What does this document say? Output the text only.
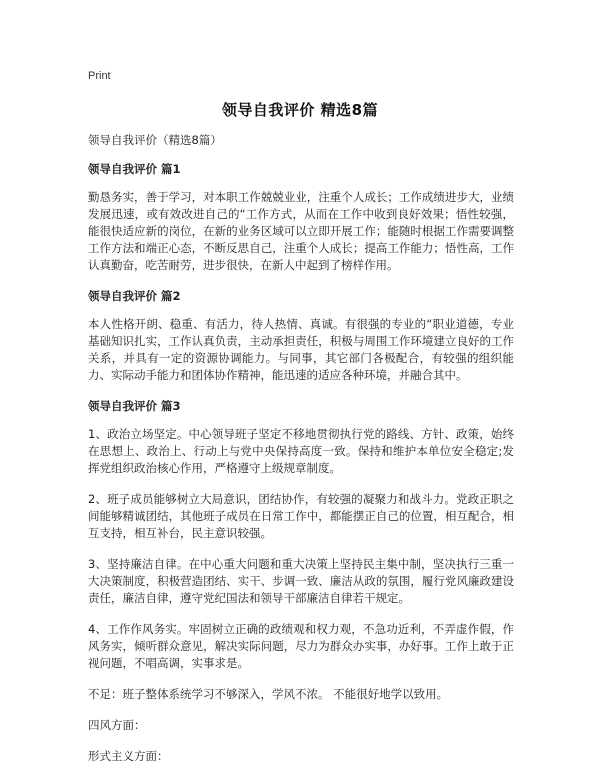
Print
领导自我评价 精选8篇

领导自我评价（精选8篇）

领导自我评价 篇1

勤恳务实，善于学习，对本职工作兢兢业业，注重个人成长；工作成绩进步大，业绩发展迅速，或有效改进自己的“工作方式，从而在工作中收到良好效果；悟性较强，能很快适应新的岗位，在新的业务区域可以立即开展工作；能随时根据工作需要调整工作方法和端正心态，不断反思自己，注重个人成长；提高工作能力；悟性高，工作认真勤奋，吃苦耐劳，进步很快，在新人中起到了榜样作用。

领导自我评价 篇2

本人性格开朗、稳重、有活力，待人热情、真诚。有很强的专业的“职业道德，专业基础知识扎实，工作认真负责，主动承担责任，积极与周围工作环境建立良好的工作关系，并具有一定的资源协调能力。与同事，其它部门各极配合，有较强的组织能力、实际动手能力和团体协作精神，能迅速的适应各种环境，并融合其中。

领导自我评价 篇3

1、政治立场坚定。中心领导班子坚定不移地贯彻执行党的路线、方针、政策，始终在思想上、政治上、行动上与党中央保持高度一致。保持和维护本单位安全稳定;发挥党组织政治核心作用，严格遵守上级规章制度。

2、班子成员能够树立大局意识，团结协作，有较强的凝聚力和战斗力。党政正职之间能够精诚团结，其他班子成员在日常工作中，都能摆正自己的位置，相互配合，相互支持，相互补台，民主意识较强。

3、坚持廉洁自律。在中心重大问题和重大决策上坚持民主集中制，坚决执行三重一大决策制度，积极营造团结、实干、步调一致、廉洁从政的氛围，履行党风廉政建设责任，廉洁自律，遵守党纪国法和领导干部廉洁自律若干规定。

4、工作作风务实。牢固树立正确的政绩观和权力观，不急功近利，不弄虚作假，作风务实，倾听群众意见，解决实际问题，尽力为群众办实事，办好事。工作上敢于正视问题，不唱高调，实事求是。

不足：班子整体系统学习不够深入，学风不浓。 不能很好地学以致用。

四风方面：

形式主义方面：
